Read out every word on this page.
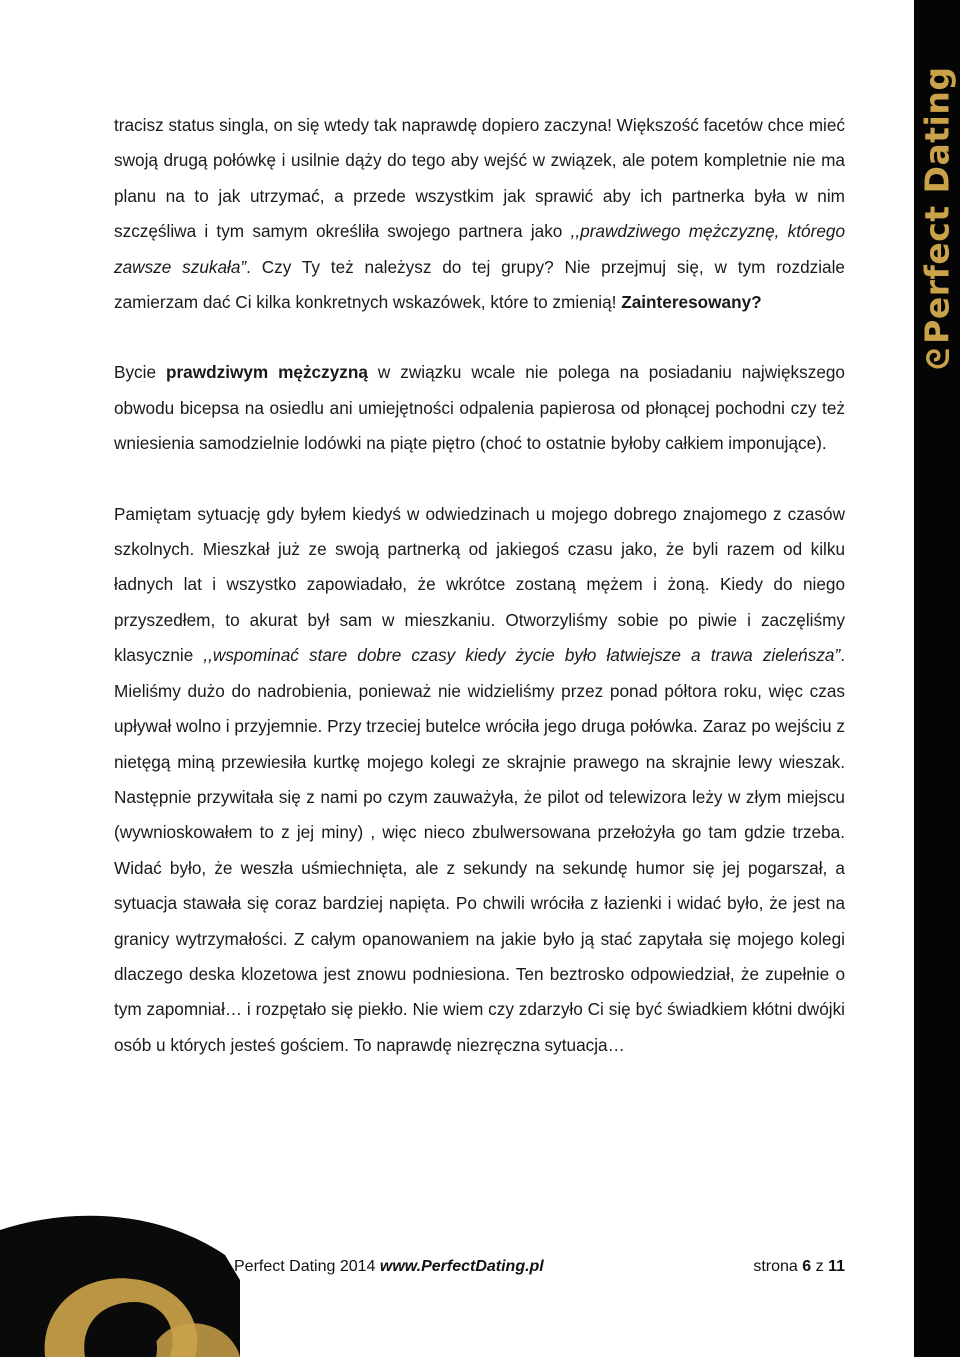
ᘓPerfect Dating

tracisz status singla, on się wtedy tak naprawdę dopiero zaczyna! Większość facetów chce mieć swoją drugą połówkę i usilnie dąży do tego aby wejść w związek, ale potem kompletnie nie ma planu na to jak utrzymać, a przede wszystkim jak sprawić aby ich partnerka była w nim szczęśliwa i tym samym określiła swojego partnera jako ,,prawdziwego mężczyznę, którego zawsze szukała”. Czy Ty też należysz do tej grupy? Nie przejmuj się, w tym rozdziale zamierzam dać Ci kilka konkretnych wskazówek, które to zmienią! Zainteresowany?

Bycie prawdziwym mężczyzną w związku wcale nie polega na posiadaniu największego obwodu bicepsa na osiedlu ani umiejętności odpalenia papierosa od płonącej pochodni czy też wniesienia samodzielnie lodówki na piąte piętro (choć to ostatnie byłoby całkiem imponujące).

Pamiętam sytuację gdy byłem kiedyś w odwiedzinach u mojego dobrego znajomego z czasów szkolnych. Mieszkał już ze swoją partnerką od jakiegoś czasu jako, że byli razem od kilku ładnych lat i wszystko zapowiadało, że wkrótce zostaną mężem i żoną. Kiedy do niego przyszedłem, to akurat był sam w mieszkaniu. Otworzyliśmy sobie po piwie i zaczęliśmy klasycznie ,,wspominać stare dobre czasy kiedy życie było łatwiejsze a trawa zieleńsza”. Mieliśmy dużo do nadrobienia, ponieważ nie widzieliśmy przez ponad półtora roku, więc czas upływał wolno i przyjemnie. Przy trzeciej butelce wróciła jego druga połówka. Zaraz po wejściu z nietęgą miną przewiesiła kurtkę mojego kolegi ze skrajnie prawego na skrajnie lewy wieszak. Następnie przywitała się z nami po czym zauważyła, że pilot od telewizora leży w złym miejscu (wywnioskowałem to z jej miny) , więc nieco zbulwersowana przełożyła go tam gdzie trzeba. Widać było, że weszła uśmiechnięta, ale z sekundy na sekundę humor się jej pogarszał, a sytuacja stawała się coraz bardziej napięta. Po chwili wróciła z łazienki i widać było, że jest na granicy wytrzymałości. Z całym opanowaniem na jakie było ją stać zapytała się mojego kolegi dlaczego deska klozetowa jest znowu podniesiona. Ten beztrosko odpowiedział, że zupełnie o tym zapomniał… i rozpętało się piekło. Nie wiem czy zdarzyło Ci się być świadkiem kłótni dwójki osób u których jesteś gościem. To naprawdę niezręczna sytuacja…

Perfect Dating 2014 www.PerfectDating.pl	strona 6 z 11
